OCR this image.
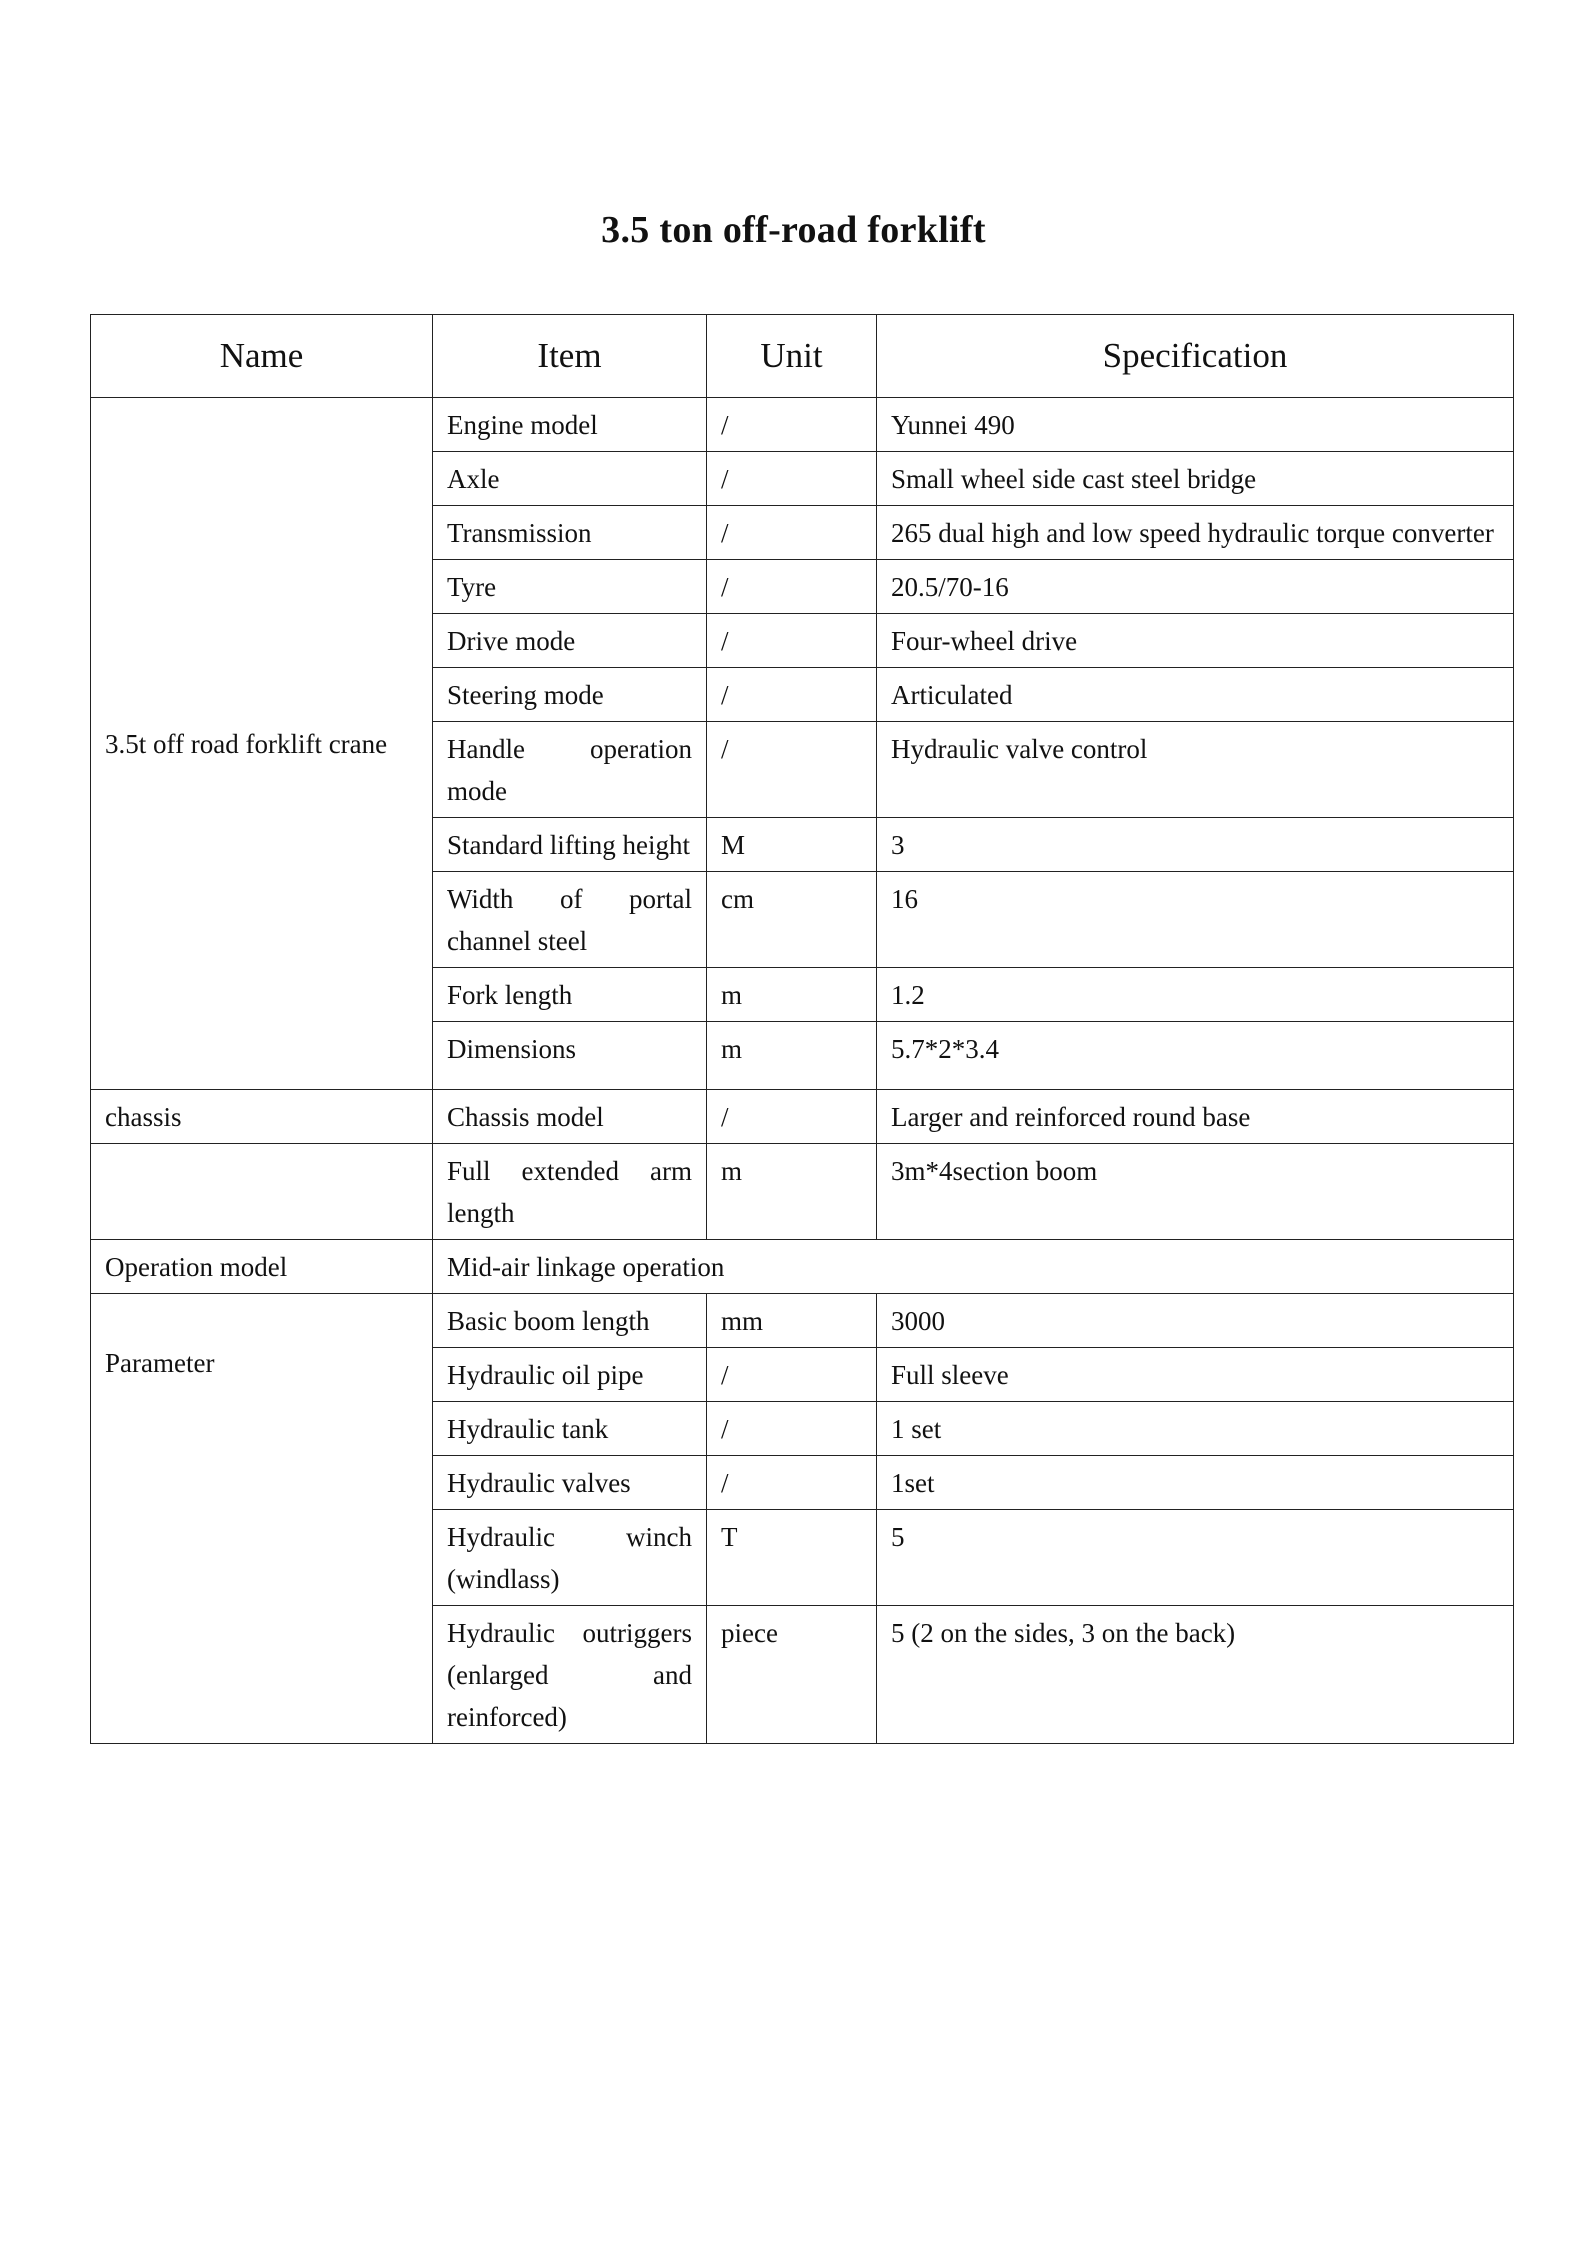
3.5 ton off-road forklift
Name	Item	Unit	Specification
3.5t off road forklift crane	Engine model	/	Yunnei 490
	Axle	/	Small wheel side cast steel bridge
	Transmission	/	265 dual high and low speed hydraulic torque converter
	Tyre	/	20.5/70-16
	Drive mode	/	Four-wheel drive
	Steering mode	/	Articulated
	Handle operation mode	/	Hydraulic valve control
	Standard lifting height	M	3
	Width of portal channel steel	cm	16
	Fork length	m	1.2
	Dimensions	m	5.7*2*3.4
chassis	Chassis model	/	Larger and reinforced round base
	Full extended arm length	m	3m*4section boom
Operation model	Mid-air linkage operation		
Parameter	Basic boom length	mm	3000
	Hydraulic oil pipe	/	Full sleeve
	Hydraulic tank	/	1 set
	Hydraulic valves	/	1set
	Hydraulic winch (windlass)	T	5
	Hydraulic outriggers (enlarged and reinforced)	piece	5 (2 on the sides, 3 on the back)
